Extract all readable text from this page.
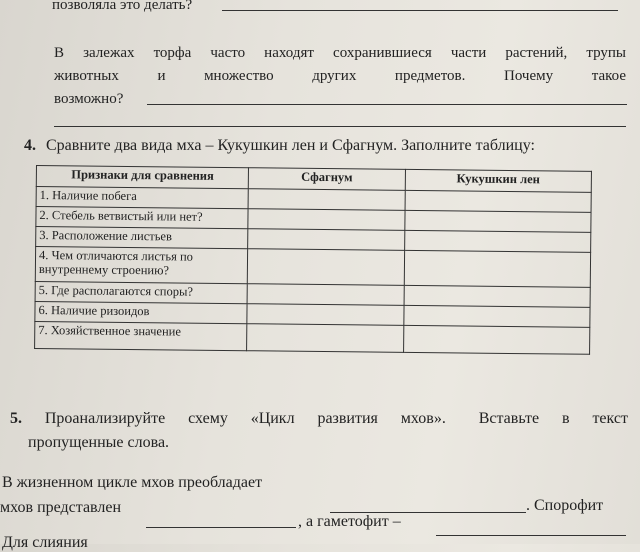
позволяла это делать?
В залежах торфа часто находят сохранившиеся части растений, трупы
животных	и	множество	других	предметов.	Почему	такое
возможно?
4. Сравните два вида мха – Кукушкин лен и Сфагнум. Заполните таблицу:
Признаки для сравнения	Сфагнум	Кукушкин лен
1. Наличие побега		
2. Стебель ветвистый или нет?		
3. Расположение листьев		
4. Чем отличаются листья по внутреннему строению?		
5. Где располагаются споры?		
6. Наличие ризоидов		
7. Хозяйственное значение		
5. Проанализируйте схему «Цикл развития мхов». Вставьте в текст
пропущенные слова.
В жизненном цикле мхов преобладает
. Спорофит
мхов представлен
, а гаметофит –
Для слияния
